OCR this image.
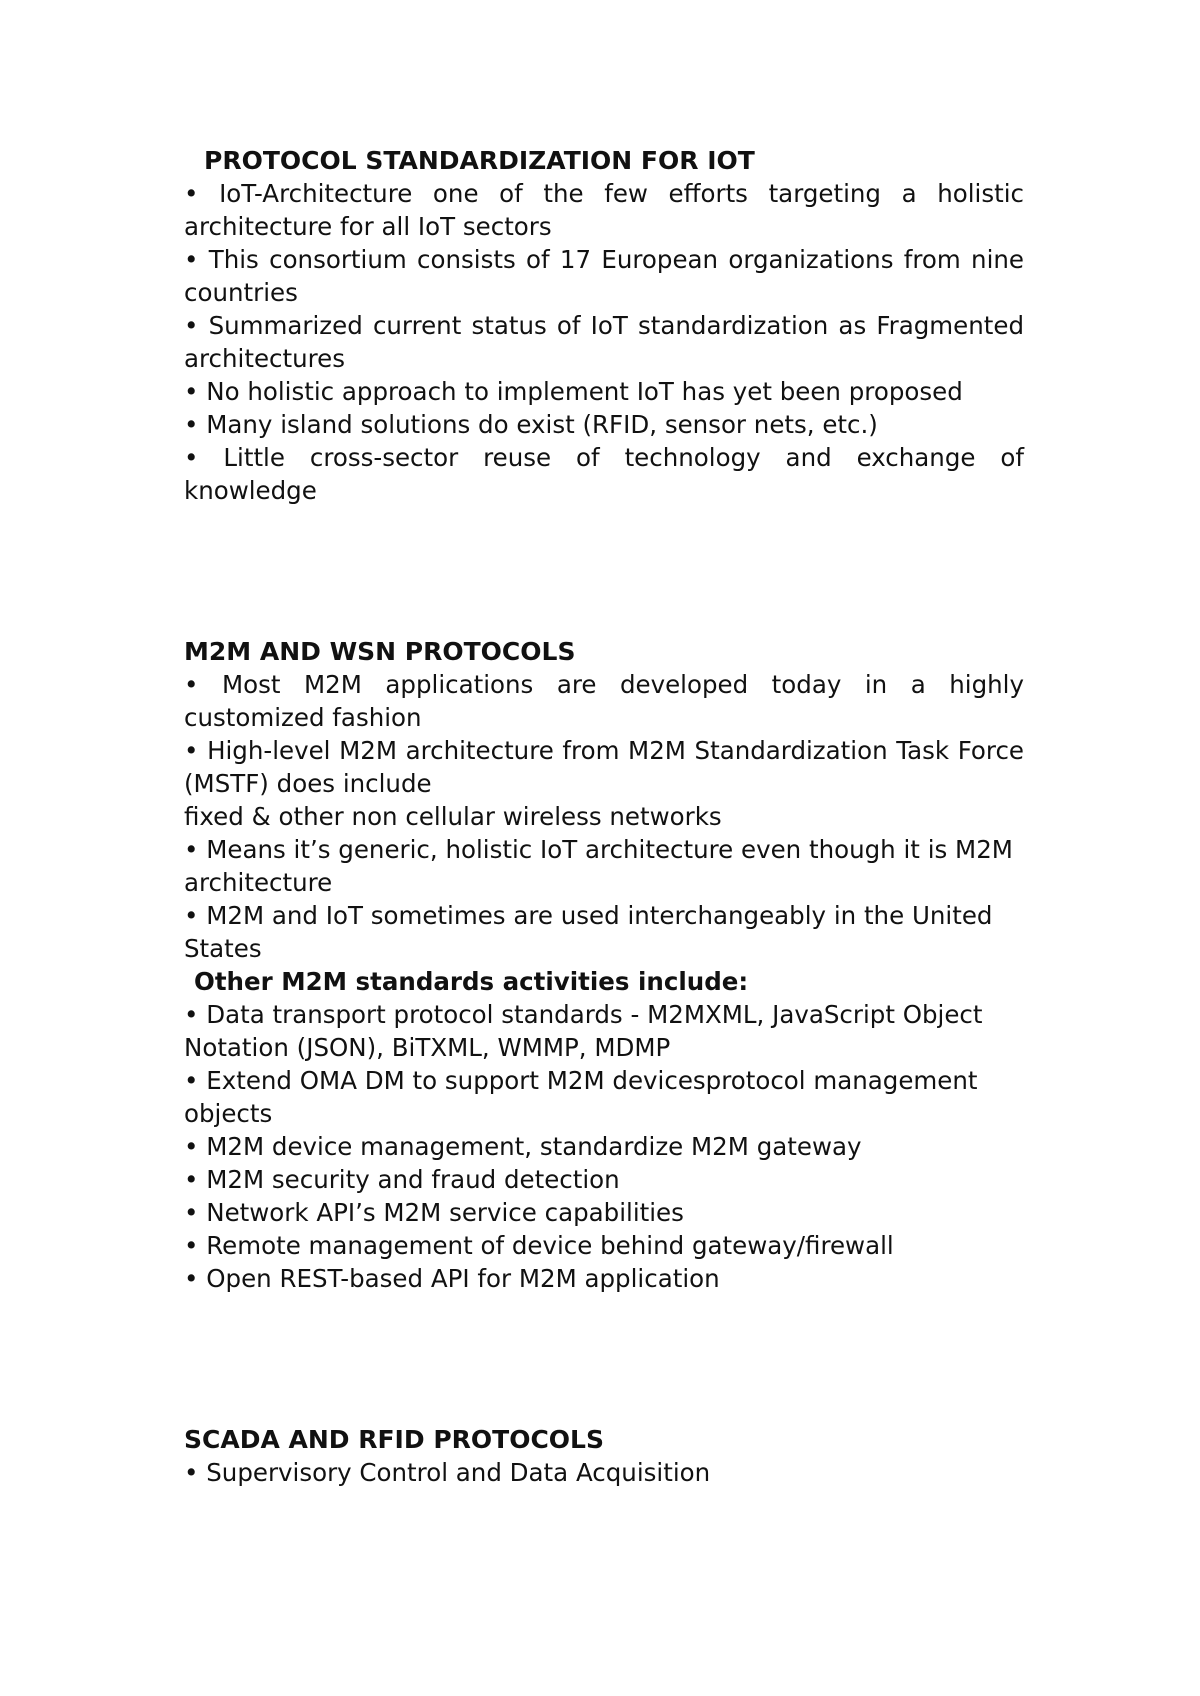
PROTOCOL STANDARDIZATION FOR IOT

• IoT-Architecture one of the few efforts targeting a holistic architecture for all IoT sectors

• This consortium consists of 17 European organizations from nine countries

• Summarized current status of IoT standardization as Fragmented architectures

• No holistic approach to implement IoT has yet been proposed

• Many island solutions do exist (RFID, sensor nets, etc.)

• Little cross-sector reuse of technology and exchange of knowledge

M2M AND WSN PROTOCOLS

• Most M2M applications are developed today in a highly customized fashion

• High-level M2M architecture from M2M Standardization Task Force (MSTF) does include

fixed & other non cellular wireless networks

• Means it’s generic, holistic IoT architecture even though it is M2M architecture

• M2M and IoT sometimes are used interchangeably in the United States

Other M2M standards activities include:

• Data transport protocol standards - M2MXML, JavaScript Object Notation (JSON), BiTXML, WMMP, MDMP

• Extend OMA DM to support M2M devicesprotocol management objects

• M2M device management, standardize M2M gateway

• M2M security and fraud detection

• Network API’s M2M service capabilities

• Remote management of device behind gateway/firewall

• Open REST-based API for M2M application

SCADA AND RFID PROTOCOLS

• Supervisory Control and Data Acquisition
